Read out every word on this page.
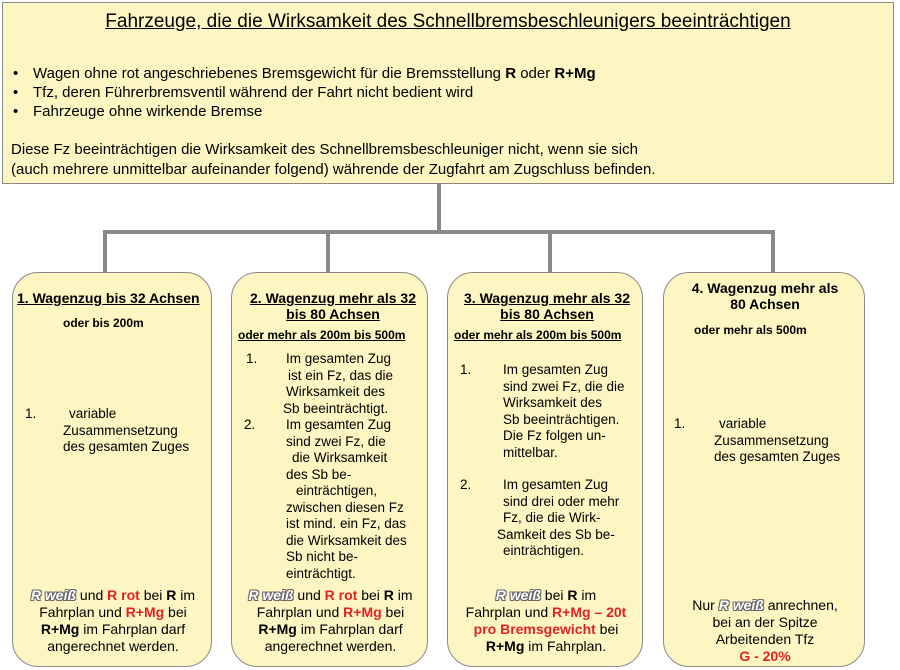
Fahrzeuge, die die Wirksamkeit des Schnellbremsbeschleunigers beeinträchtigen
• Wagen ohne rot angeschriebenes Bremsgewicht für die Bremsstellung R oder R+Mg
• Tfz, deren Führerbremsventil während der Fahrt nicht bedient wird
• Fahrzeuge ohne wirkende Bremse
Diese Fz beeinträchtigen die Wirksamkeit des Schnellbremsbeschleuniger nicht, wenn sie sich
(auch mehrere unmittelbar aufeinander folgend) währende der Zugfahrt am Zugschluss befinden.
1. Wagenzug bis 32 Achsen
oder bis 200m
1.	variable
Zusammensetzung
des gesamten Zuges
R weiß und R rot bei R im
Fahrplan und R+Mg bei
R+Mg im Fahrplan darf
angerechnet werden.
2. Wagenzug mehr als 32
bis 80 Achsen
oder mehr als 200m bis 500m
1. Im gesamten Zug
ist ein Fz, das die
Wirksamkeit des
Sb beeinträchtigt.
2. Im gesamten Zug
sind zwei Fz, die
die Wirksamkeit
des Sb be-
einträchtigen,
zwischen diesen Fz
ist mind. ein Fz, das
die Wirksamkeit des
Sb nicht be-
einträchtigt.
R weiß und R rot bei R im
Fahrplan und R+Mg bei
R+Mg im Fahrplan darf
angerechnet werden.
3. Wagenzug mehr als 32
bis 80 Achsen
oder mehr als 200m bis 500m
1. Im gesamten Zug
sind zwei Fz, die die
Wirksamkeit des
Sb beeinträchtigen.
Die Fz folgen un-
mittelbar.
2. Im gesamten Zug
sind drei oder mehr
Fz, die die Wirk-
Samkeit des Sb be-
einträchtigen.
R weiß bei R im
Fahrplan und R+Mg – 20t
pro Bremsgewicht bei
R+Mg im Fahrplan.
4. Wagenzug mehr als
80 Achsen
oder mehr als 500m
1.	variable
Zusammensetzung
des gesamten Zuges
Nur R weiß anrechnen,
bei an der Spitze
Arbeitenden Tfz
G - 20%
